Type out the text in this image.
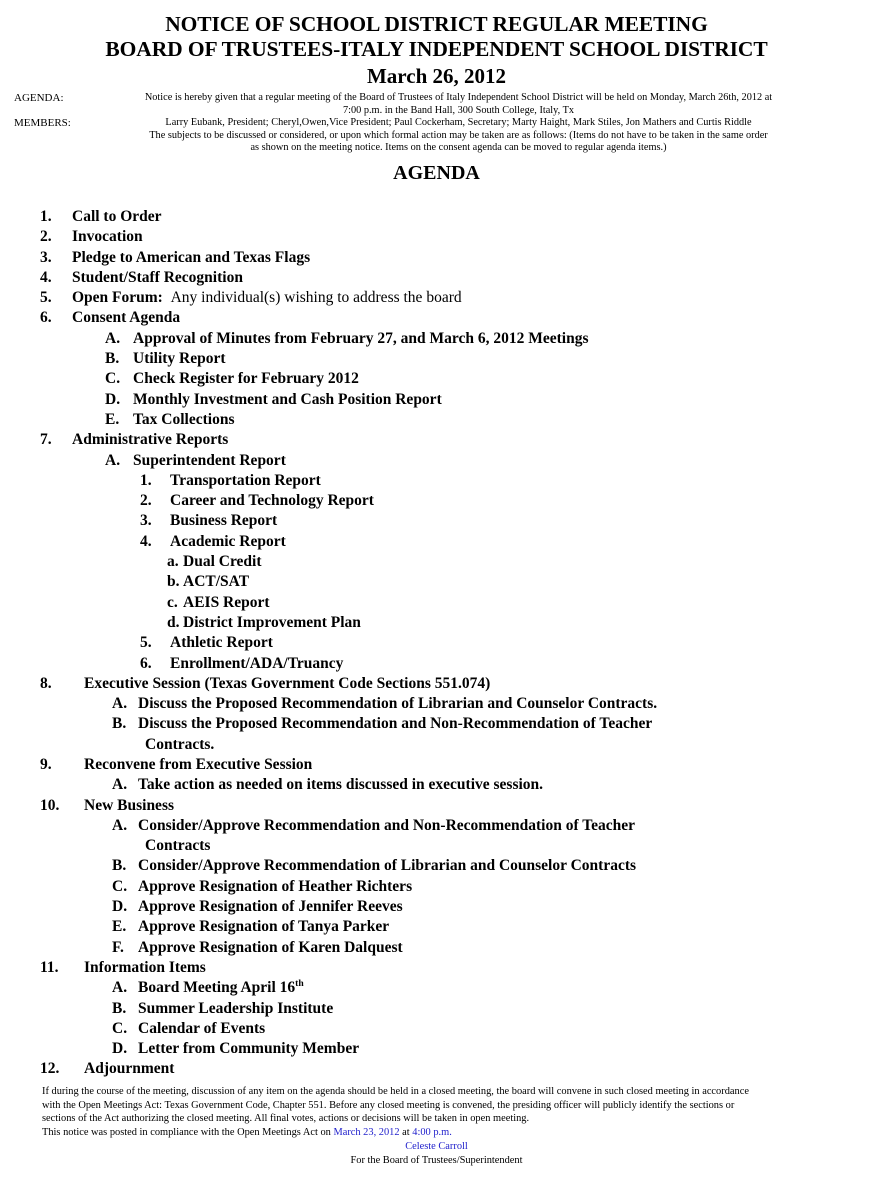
NOTICE OF SCHOOL DISTRICT REGULAR MEETING
BOARD OF TRUSTEES-ITALY INDEPENDENT SCHOOL DISTRICT
March 26, 2012
AGENDA:	Notice is hereby given that a regular meeting of the Board of Trustees of Italy Independent School District will be held on Monday, March 26th, 2012 at
7:00 p.m. in the Band Hall, 300 South College, Italy, Tx
MEMBERS:	Larry Eubank, President; Cheryl,Owen,Vice President; Paul Cockerham, Secretary; Marty Haight, Mark Stiles, Jon Mathers and Curtis Riddle
The subjects to be discussed or considered, or upon which formal action may be taken are as follows: (Items do not have to be taken in the same order
as shown on the meeting notice. Items on the consent agenda can be moved to regular agenda items.)
AGENDA
1.	Call to Order
2.	Invocation
3.	Pledge to American and Texas Flags
4.	Student/Staff Recognition
5.	Open Forum: Any individual(s) wishing to address the board
6.	Consent Agenda
A. Approval of Minutes from February 27, and March 6, 2012 Meetings
B. Utility Report
C. Check Register for February 2012
D. Monthly Investment and Cash Position Report
E. Tax Collections
7.	Administrative Reports
A. Superintendent Report
1.	Transportation Report
2.	Career and Technology Report
3.	Business Report
4.	Academic Report
a. Dual Credit
b. ACT/SAT
c. AEIS Report
d. District Improvement Plan
5.	Athletic Report
6.	Enrollment/ADA/Truancy
8.	Executive Session (Texas Government Code Sections 551.074)
A. Discuss the Proposed Recommendation of Librarian and Counselor Contracts.
B. Discuss the Proposed Recommendation and Non-Recommendation of Teacher
Contracts.
9.	Reconvene from Executive Session
A. Take action as needed on items discussed in executive session.
10.	New Business
A. Consider/Approve Recommendation and Non-Recommendation of Teacher
Contracts
B. Consider/Approve Recommendation of Librarian and Counselor Contracts
C. Approve Resignation of Heather Richters
D. Approve Resignation of Jennifer Reeves
E. Approve Resignation of Tanya Parker
F. Approve Resignation of Karen Dalquest
11.	Information Items
A. Board Meeting April 16th
B. Summer Leadership Institute
C. Calendar of Events
D. Letter from Community Member
12.	Adjournment
If during the course of the meeting, discussion of any item on the agenda should be held in a closed meeting, the board will convene in such closed meeting in accordance
with the Open Meetings Act: Texas Government Code, Chapter 551. Before any closed meeting is convened, the presiding officer will publicly identify the sections or
sections of the Act authorizing the closed meeting. All final votes, actions or decisions will be taken in open meeting.
This notice was posted in compliance with the Open Meetings Act on March 23, 2012 at 4:00 p.m.
Celeste Carroll
For the Board of Trustees/Superintendent
